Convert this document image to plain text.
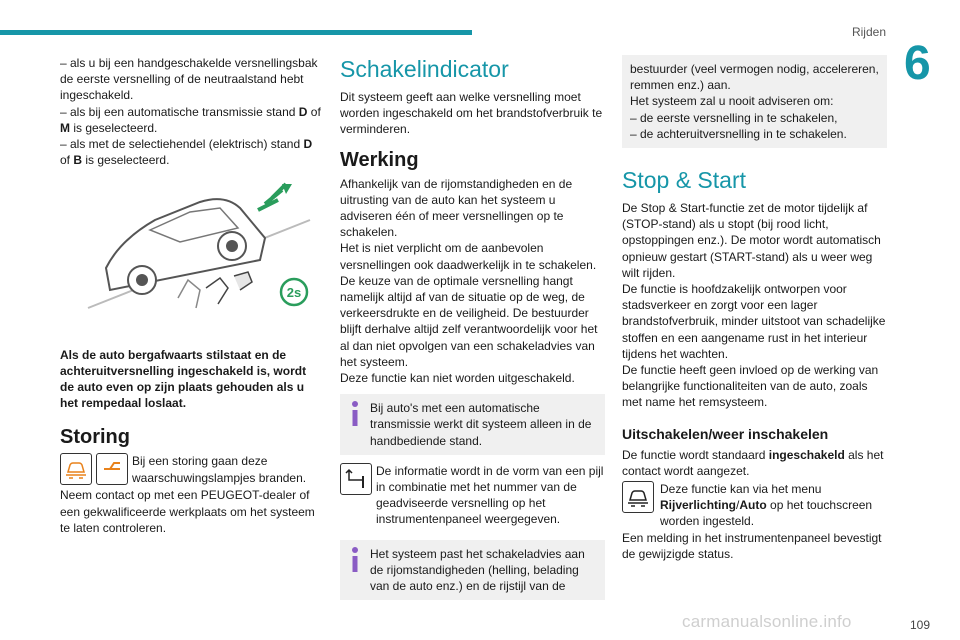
Rijden
6

– als u bij een handgeschakelde versnellingsbak de eerste versnelling of de neutraalstand hebt ingeschakeld.

– als bij een automatische transmissie stand D of M is geselecteerd.

– als met de selectiehendel (elektrisch) stand D of B is geselecteerd.

2s

Als de auto bergafwaarts stilstaat en de achteruitversnelling ingeschakeld is, wordt de auto even op zijn plaats gehouden als u het rempedaal loslaat.

Storing

Bij een storing gaan deze waarschuwingslampjes branden.

Neem contact op met een PEUGEOT-dealer of een gekwalificeerde werkplaats om het systeem te laten controleren.

Schakelindicator

Dit systeem geeft aan welke versnelling moet worden ingeschakeld om het brandstofverbruik te verminderen.

Werking

Afhankelijk van de rijomstandigheden en de uitrusting van de auto kan het systeem u adviseren één of meer versnellingen op te schakelen.
Het is niet verplicht om de aanbevolen versnellingen ook daadwerkelijk in te schakelen.
De keuze van de optimale versnelling hangt namelijk altijd af van de situatie op de weg, de verkeersdrukte en de veiligheid. De bestuurder blijft derhalve altijd zelf verantwoordelijk voor het al dan niet opvolgen van een schakeladvies van het systeem.
Deze functie kan niet worden uitgeschakeld.

Bij auto's met een automatische transmissie werkt dit systeem alleen in de handbediende stand.

De informatie wordt in de vorm van een pijl in combinatie met het nummer van de geadviseerde versnelling op het instrumentenpaneel weergegeven.

Het systeem past het schakeladvies aan de rijomstandigheden (helling, belading van de auto enz.) en de rijstijl van de

bestuurder (veel vermogen nodig, accelereren, remmen enz.) aan.
Het systeem zal u nooit adviseren om:
– de eerste versnelling in te schakelen,
– de achteruitversnelling in te schakelen.

Stop & Start

De Stop & Start-functie zet de motor tijdelijk af (STOP-stand) als u stopt (bij rood licht, opstoppingen enz.). De motor wordt automatisch opnieuw gestart (START-stand) als u weer weg wilt rijden.
De functie is hoofdzakelijk ontworpen voor stadsverkeer en zorgt voor een lager brandstofverbruik, minder uitstoot van schadelijke stoffen en een aangename rust in het interieur tijdens het wachten.
De functie heeft geen invloed op de werking van belangrijke functionaliteiten van de auto, zoals met name het remsysteem.

Uitschakelen/weer inschakelen

De functie wordt standaard ingeschakeld als het contact wordt aangezet.

Deze functie kan via het menu Rijverlichting/Auto op het touchscreen worden ingesteld.

Een melding in het instrumentenpaneel bevestigt de gewijzigde status.

109
carmanualsonline.info
